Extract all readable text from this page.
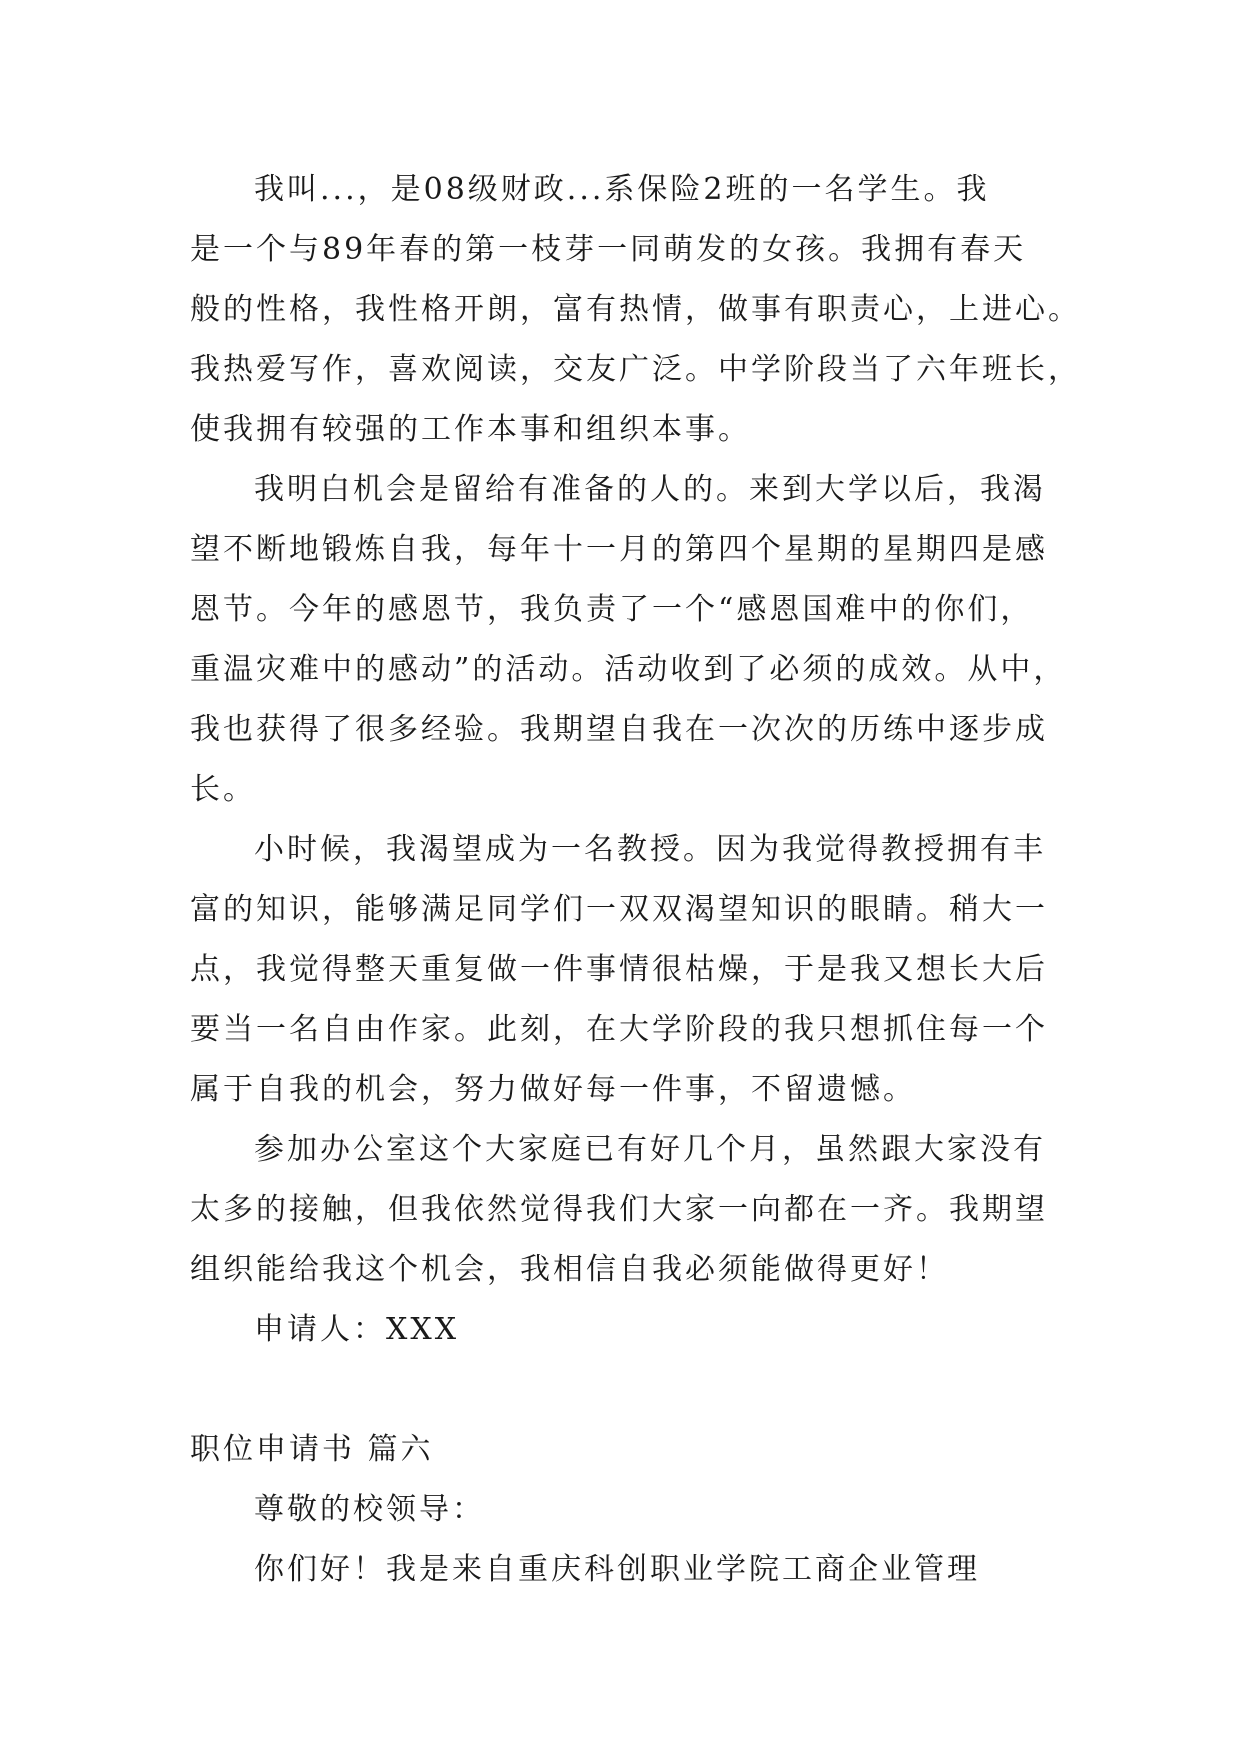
我叫...，是08级财政...系保险2班的一名学生。我
是一个与89年春的第一枝芽一同萌发的女孩。我拥有春天
般的性格，我性格开朗，富有热情，做事有职责心，上进心。
我热爱写作，喜欢阅读，交友广泛。中学阶段当了六年班长，
使我拥有较强的工作本事和组织本事。
我明白机会是留给有准备的人的。来到大学以后，我渴
望不断地锻炼自我，每年十一月的第四个星期的星期四是感
恩节。今年的感恩节，我负责了一个“感恩国难中的你们，
重温灾难中的感动”的活动。活动收到了必须的成效。从中，
我也获得了很多经验。我期望自我在一次次的历练中逐步成
长。
小时候，我渴望成为一名教授。因为我觉得教授拥有丰
富的知识，能够满足同学们一双双渴望知识的眼睛。稍大一
点，我觉得整天重复做一件事情很枯燥，于是我又想长大后
要当一名自由作家。此刻，在大学阶段的我只想抓住每一个
属于自我的机会，努力做好每一件事，不留遗憾。
参加办公室这个大家庭已有好几个月，虽然跟大家没有
太多的接触，但我依然觉得我们大家一向都在一齐。我期望
组织能给我这个机会，我相信自我必须能做得更好！
申请人：XXX
职位申请书 篇六
尊敬的校领导：
你们好！我是来自重庆科创职业学院工商企业管理
